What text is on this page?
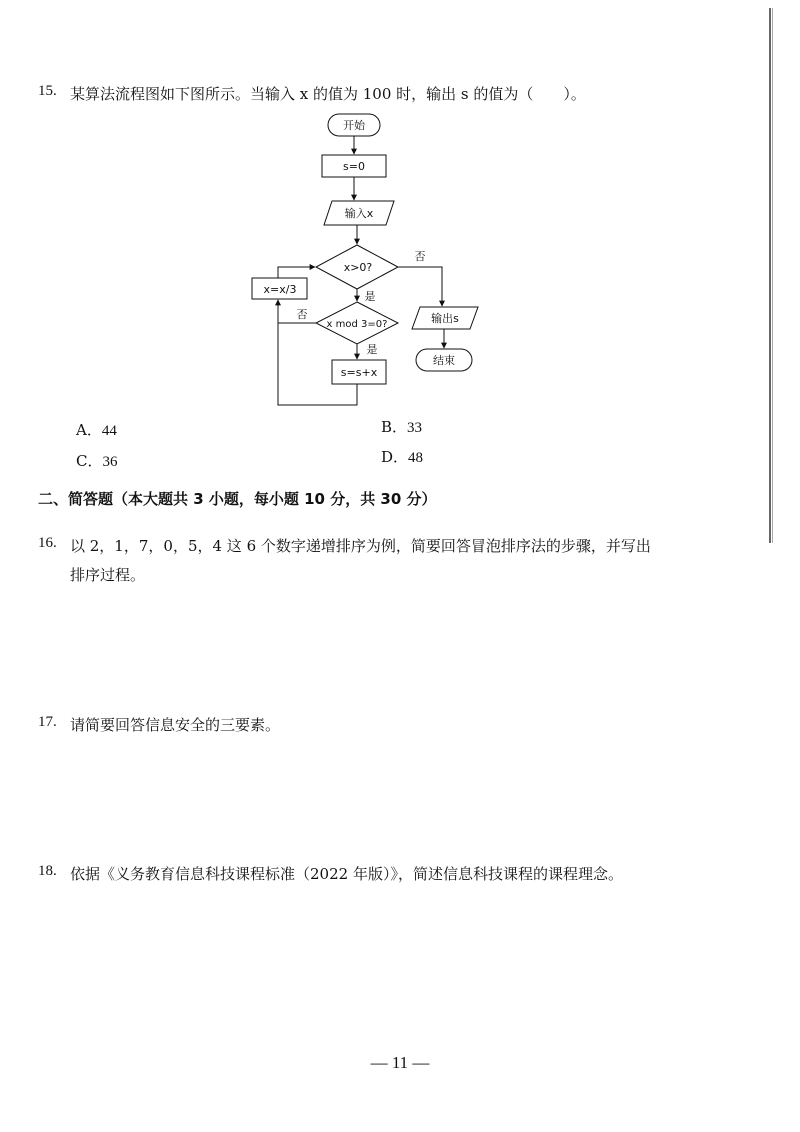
15. 某算法流程图如下图所示。当输入 x 的值为 100 时，输出 s 的值为（　　）。
开始
s=0
输入x
x>0?
否
是
x=x/3
x mod 3=0?
否
是
s=s+x
输出s
结束
A．44	B．33
C．36	D．48
二、简答题（本大题共 3 小题，每小题 10 分，共 30 分）
16. 以 2，1，7，0，5，4 这 6 个数字递增排序为例，简要回答冒泡排序法的步骤，并写出
排序过程。
17. 请简要回答信息安全的三要素。
18. 依据《义务教育信息科技课程标准（2022 年版）》，简述信息科技课程的课程理念。
— 11 —
